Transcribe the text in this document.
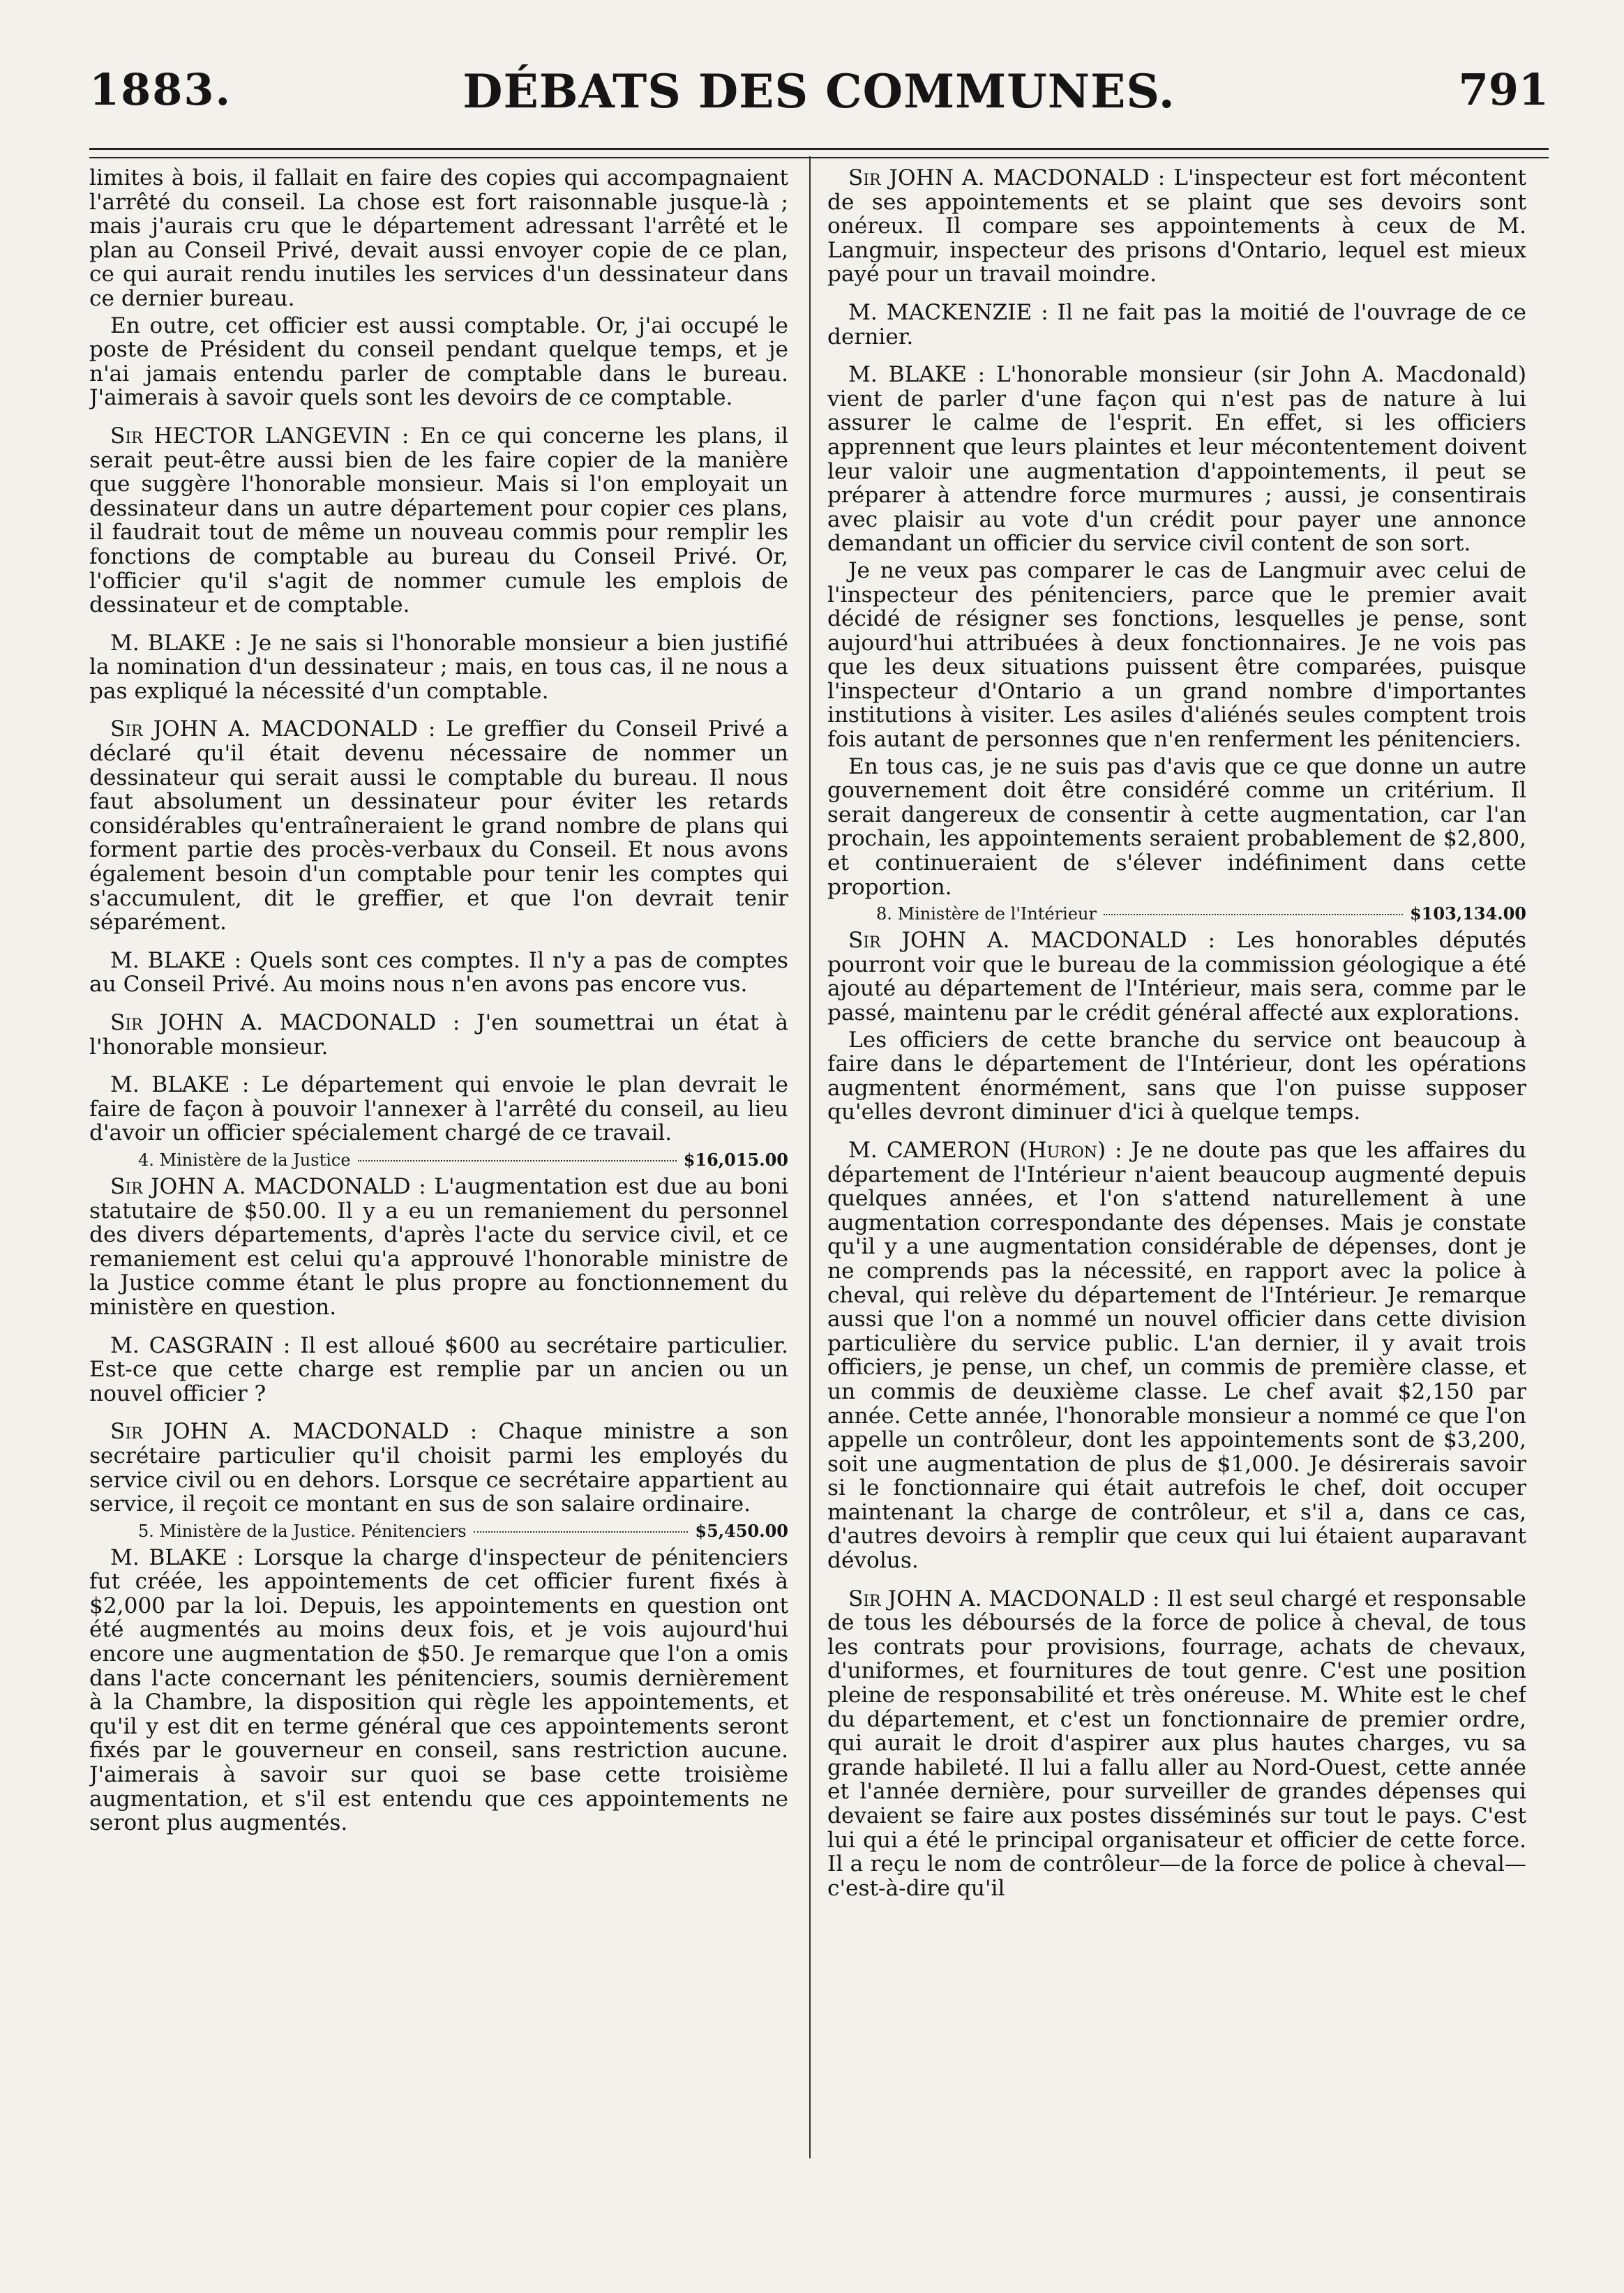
1883.	DÉBATS DES COMMUNES.	791

limites à bois, il fallait en faire des copies qui accompagnaient l'arrêté du conseil. La chose est fort raisonnable jusque-là ; mais j'aurais cru que le département adressant l'arrêté et le plan au Conseil Privé, devait aussi envoyer copie de ce plan, ce qui aurait rendu inutiles les services d'un dessinateur dans ce dernier bureau.

En outre, cet officier est aussi comptable. Or, j'ai occupé le poste de Président du conseil pendant quelque temps, et je n'ai jamais entendu parler de comptable dans le bureau. J'aimerais à savoir quels sont les devoirs de ce comptable.

Sir HECTOR LANGEVIN : En ce qui concerne les plans, il serait peut-être aussi bien de les faire copier de la manière que suggère l'honorable monsieur. Mais si l'on employait un dessinateur dans un autre département pour copier ces plans, il faudrait tout de même un nouveau commis pour remplir les fonctions de comptable au bureau du Conseil Privé. Or, l'officier qu'il s'agit de nommer cumule les emplois de dessinateur et de comptable.

M. BLAKE : Je ne sais si l'honorable monsieur a bien justifié la nomination d'un dessinateur ; mais, en tous cas, il ne nous a pas expliqué la nécessité d'un comptable.

Sir JOHN A. MACDONALD : Le greffier du Conseil Privé a déclaré qu'il était devenu nécessaire de nommer un dessinateur qui serait aussi le comptable du bureau. Il nous faut absolument un dessinateur pour éviter les retards considérables qu'entraîneraient le grand nombre de plans qui forment partie des procès-verbaux du Conseil. Et nous avons également besoin d'un comptable pour tenir les comptes qui s'accumulent, dit le greffier, et que l'on devrait tenir séparément.

M. BLAKE : Quels sont ces comptes. Il n'y a pas de comptes au Conseil Privé. Au moins nous n'en avons pas encore vus.

Sir JOHN A. MACDONALD : J'en soumettrai un état à l'honorable monsieur.

M. BLAKE : Le département qui envoie le plan devrait le faire de façon à pouvoir l'annexer à l'arrêté du conseil, au lieu d'avoir un officier spécialement chargé de ce travail.

4. Ministère de la Justice	$16,015.00

Sir JOHN A. MACDONALD : L'augmentation est due au boni statutaire de $50.00. Il y a eu un remaniement du personnel des divers départements, d'après l'acte du service civil, et ce remaniement est celui qu'a approuvé l'honorable ministre de la Justice comme étant le plus propre au fonctionnement du ministère en question.

M. CASGRAIN : Il est alloué $600 au secrétaire particulier. Est-ce que cette charge est remplie par un ancien ou un nouvel officier ?

Sir JOHN A. MACDONALD : Chaque ministre a son secrétaire particulier qu'il choisit parmi les employés du service civil ou en dehors. Lorsque ce secrétaire appartient au service, il reçoit ce montant en sus de son salaire ordinaire.

5. Ministère de la Justice. Pénitenciers	$5,450.00

M. BLAKE : Lorsque la charge d'inspecteur de pénitenciers fut créée, les appointements de cet officier furent fixés à $2,000 par la loi. Depuis, les appointements en question ont été augmentés au moins deux fois, et je vois aujourd'hui encore une augmentation de $50. Je remarque que l'on a omis dans l'acte concernant les pénitenciers, soumis dernièrement à la Chambre, la disposition qui règle les appointements, et qu'il y est dit en terme général que ces appointements seront fixés par le gouverneur en conseil, sans restriction aucune. J'aimerais à savoir sur quoi se base cette troisième augmentation, et s'il est entendu que ces appointements ne seront plus augmentés.

Sir JOHN A. MACDONALD : L'inspecteur est fort mécontent de ses appointements et se plaint que ses devoirs sont onéreux. Il compare ses appointements à ceux de M. Langmuir, inspecteur des prisons d'Ontario, lequel est mieux payé pour un travail moindre.

M. MACKENZIE : Il ne fait pas la moitié de l'ouvrage de ce dernier.

M. BLAKE : L'honorable monsieur (sir John A. Macdonald) vient de parler d'une façon qui n'est pas de nature à lui assurer le calme de l'esprit. En effet, si les officiers apprennent que leurs plaintes et leur mécontentement doivent leur valoir une augmentation d'appointements, il peut se préparer à attendre force murmures ; aussi, je consentirais avec plaisir au vote d'un crédit pour payer une annonce demandant un officier du service civil content de son sort.

Je ne veux pas comparer le cas de Langmuir avec celui de l'inspecteur des pénitenciers, parce que le premier avait décidé de résigner ses fonctions, lesquelles je pense, sont aujourd'hui attribuées à deux fonctionnaires. Je ne vois pas que les deux situations puissent être comparées, puisque l'inspecteur d'Ontario a un grand nombre d'importantes institutions à visiter. Les asiles d'aliénés seules comptent trois fois autant de personnes que n'en renferment les pénitenciers.

En tous cas, je ne suis pas d'avis que ce que donne un autre gouvernement doit être considéré comme un critérium. Il serait dangereux de consentir à cette augmentation, car l'an prochain, les appointements seraient probablement de $2,800, et continueraient de s'élever indéfiniment dans cette proportion.

8. Ministère de l'Intérieur	$103,134.00

Sir JOHN A. MACDONALD : Les honorables députés pourront voir que le bureau de la commission géologique a été ajouté au département de l'Intérieur, mais sera, comme par le passé, maintenu par le crédit général affecté aux explorations.

Les officiers de cette branche du service ont beaucoup à faire dans le département de l'Intérieur, dont les opérations augmentent énormément, sans que l'on puisse supposer qu'elles devront diminuer d'ici à quelque temps.

M. CAMERON (Huron) : Je ne doute pas que les affaires du département de l'Intérieur n'aient beaucoup augmenté depuis quelques années, et l'on s'attend naturellement à une augmentation correspondante des dépenses. Mais je constate qu'il y a une augmentation considérable de dépenses, dont je ne comprends pas la nécessité, en rapport avec la police à cheval, qui relève du département de l'Intérieur. Je remarque aussi que l'on a nommé un nouvel officier dans cette division particulière du service public. L'an dernier, il y avait trois officiers, je pense, un chef, un commis de première classe, et un commis de deuxième classe. Le chef avait $2,150 par année. Cette année, l'honorable monsieur a nommé ce que l'on appelle un contrôleur, dont les appointements sont de $3,200, soit une augmentation de plus de $1,000. Je désirerais savoir si le fonctionnaire qui était autrefois le chef, doit occuper maintenant la charge de contrôleur, et s'il a, dans ce cas, d'autres devoirs à remplir que ceux qui lui étaient auparavant dévolus.

Sir JOHN A. MACDONALD : Il est seul chargé et responsable de tous les déboursés de la force de police à cheval, de tous les contrats pour provisions, fourrage, achats de chevaux, d'uniformes, et fournitures de tout genre. C'est une position pleine de responsabilité et très onéreuse. M. White est le chef du département, et c'est un fonctionnaire de premier ordre, qui aurait le droit d'aspirer aux plus hautes charges, vu sa grande habileté. Il lui a fallu aller au Nord-Ouest, cette année et l'année dernière, pour surveiller de grandes dépenses qui devaient se faire aux postes disséminés sur tout le pays. C'est lui qui a été le principal organisateur et officier de cette force. Il a reçu le nom de contrôleur—de la force de police à cheval—c'est-à-dire qu'il
